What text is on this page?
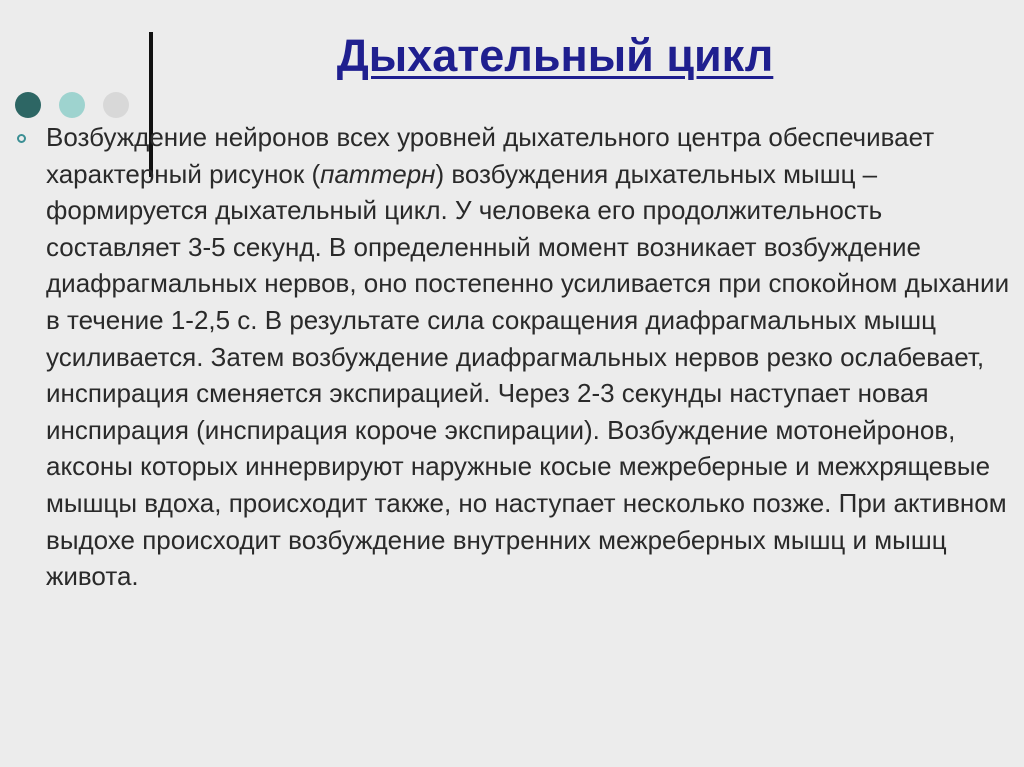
Дыхательный цикл

Возбуждение нейронов всех уровней дыхательного центра обеспечивает характерный рисунок (паттерн) возбуждения дыхательных мышц – формируется дыхательный цикл. У человека его продолжительность составляет 3-5 секунд. В определенный момент возникает возбуждение диафрагмальных нервов, оно постепенно усиливается при спокойном дыхании в течение 1-2,5 с. В результате сила сокращения диафрагмальных мышц усиливается. Затем возбуждение диафрагмальных нервов резко ослабевает, инспирация сменяется экспирацией. Через 2-3 секунды наступает новая инспирация (инспирация короче экспирации). Возбуждение мотонейронов, аксоны которых иннервируют наружные косые межреберные и межхрящевые мышцы вдоха, происходит также, но наступает несколько позже. При активном выдохе происходит возбуждение внутренних межреберных мышц и мышц живота.
